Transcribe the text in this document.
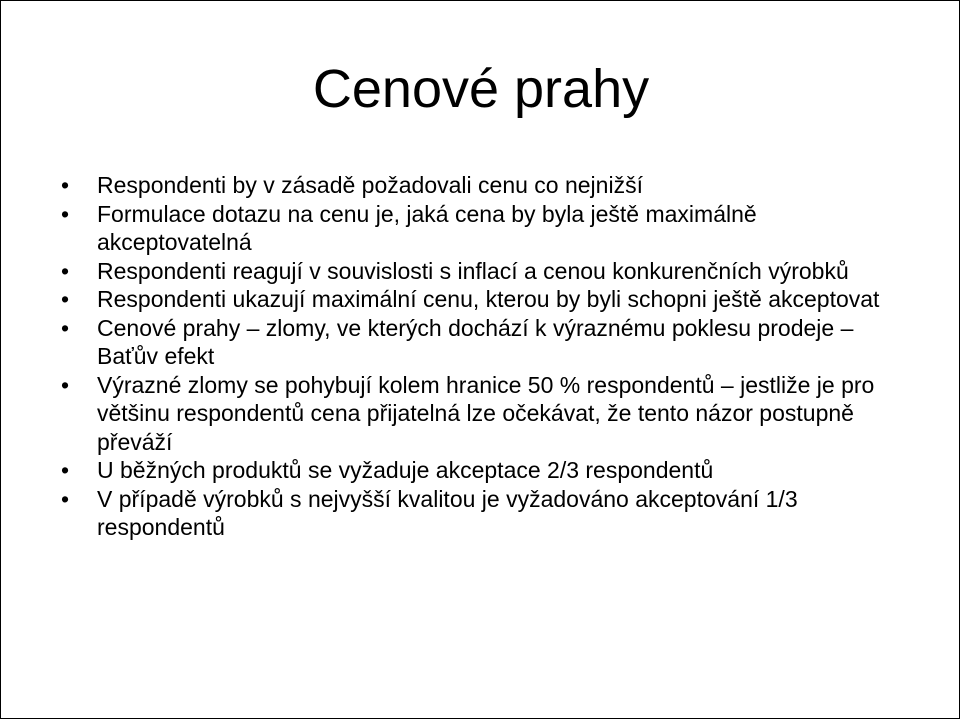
Cenové prahy
•	Respondenti by v zásadě požadovali cenu co nejnižší
•	Formulace dotazu na cenu je, jaká cena by byla ještě maximálně akceptovatelná
•	Respondenti reagují v souvislosti s inflací a cenou konkurenčních výrobků
•	Respondenti ukazují maximální cenu, kterou by byli schopni ještě akceptovat
•	Cenové prahy – zlomy, ve kterých dochází k výraznému poklesu prodeje – Baťův efekt
•	Výrazné zlomy se pohybují kolem hranice 50 % respondentů – jestliže je pro většinu respondentů cena přijatelná lze očekávat, že tento názor postupně převáží
•	U běžných produktů se vyžaduje akceptace 2/3 respondentů
•	V případě výrobků s nejvyšší kvalitou je vyžadováno akceptování 1/3 respondentů
